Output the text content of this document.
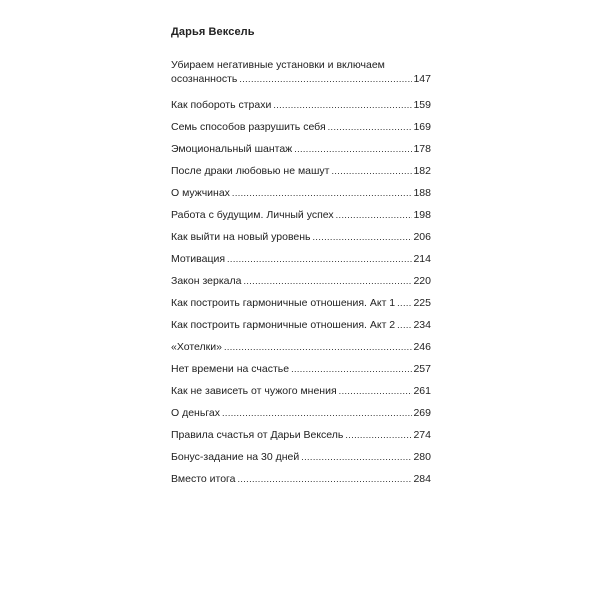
Дарья Вексель
Убираем негативные установки и включаем
осознанность .....	147
Как побороть страхи .....	159
Семь способов разрушить себя .....	169
Эмоциональный шантаж .....	178
После драки любовью не машут .....	182
О мужчинах .....	188
Работа с будущим. Личный успех .....	198
Как выйти на новый уровень .....	206
Мотивация .....	214
Закон зеркала .....	220
Как построить гармоничные отношения. Акт 1 ..... 225
Как построить гармоничные отношения. Акт 2 ..... 234
«Хотелки» .....	246
Нет времени на счастье .....	257
Как не зависеть от чужого мнения .....	261
О деньгах .....	269
Правила счастья от Дарьи Вексель .....	274
Бонус-задание на 30 дней .....	280
Вместо итога .....	284
